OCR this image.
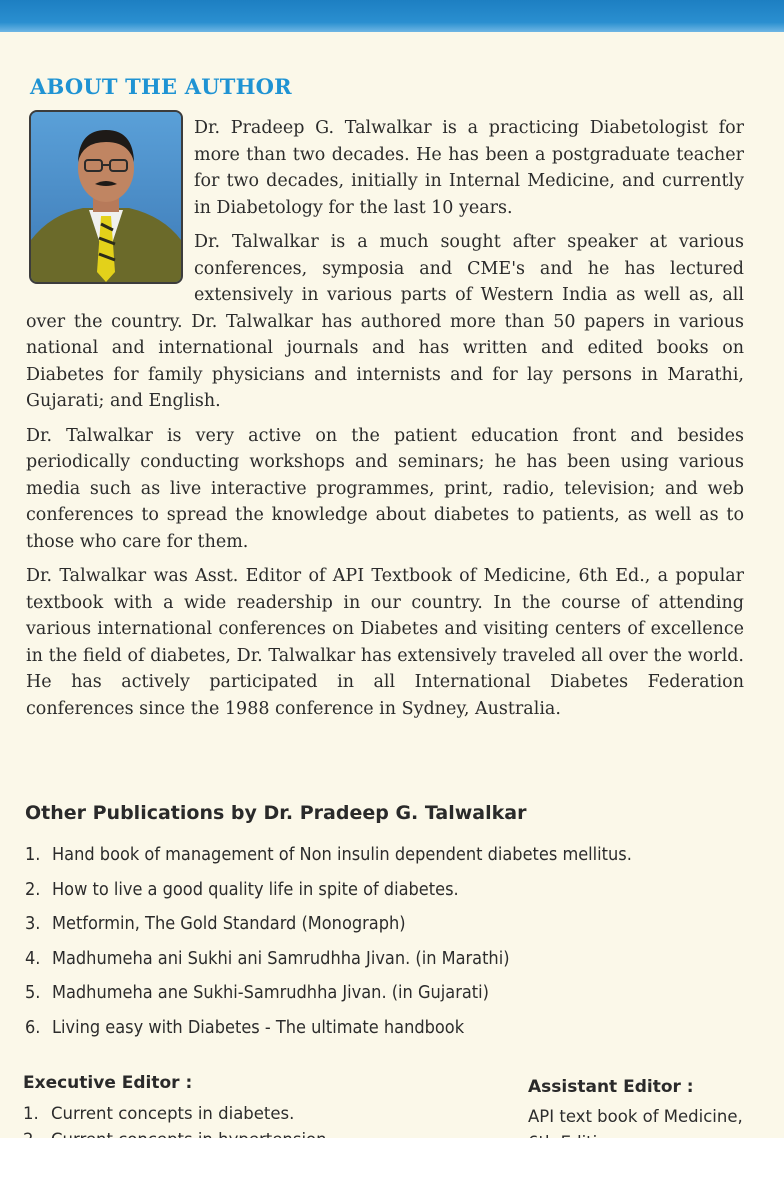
ABOUT THE AUTHOR

Dr. Pradeep G. Talwalkar is a practicing Diabetologist for more than two decades. He has been a postgraduate teacher for two decades, initially in Internal Medicine, and currently in Diabetology for the last 10 years.

Dr. Talwalkar is a much sought after speaker at various conferences, symposia and CME's and he has lectured extensively in various parts of Western India as well as, all over the country. Dr. Talwalkar has authored more than 50 papers in various national and international journals and has written and edited books on Diabetes for family physicians and internists and for lay persons in Marathi, Gujarati; and English.

Dr. Talwalkar is very active on the patient education front and besides periodically conducting workshops and seminars; he has been using various media such as live interactive programmes, print, radio, television; and web conferences to spread the knowledge about diabetes to patients, as well as to those who care for them.

Dr. Talwalkar was Asst. Editor of API Textbook of Medicine, 6th Ed., a popular textbook with a wide readership in our country. In the course of attending various international conferences on Diabetes and visiting centers of excellence in the field of diabetes, Dr. Talwalkar has extensively traveled all over the world. He has actively participated in all International Diabetes Federation conferences since the 1988 conference in Sydney, Australia.

Other Publications by Dr. Pradeep G. Talwalkar
1. Hand book of management of Non insulin dependent diabetes mellitus.
2. How to live a good quality life in spite of diabetes.
3. Metformin, The Gold Standard (Monograph)
4. Madhumeha ani Sukhi ani Samrudhha Jivan. (in Marathi)
5. Madhumeha ane Sukhi-Samrudhha Jivan. (in Gujarati)
6. Living easy with Diabetes - The ultimate handbook
Executive Editor :
1. Current concepts in diabetes.
Assistant Editor :
API text book of Medicine,
